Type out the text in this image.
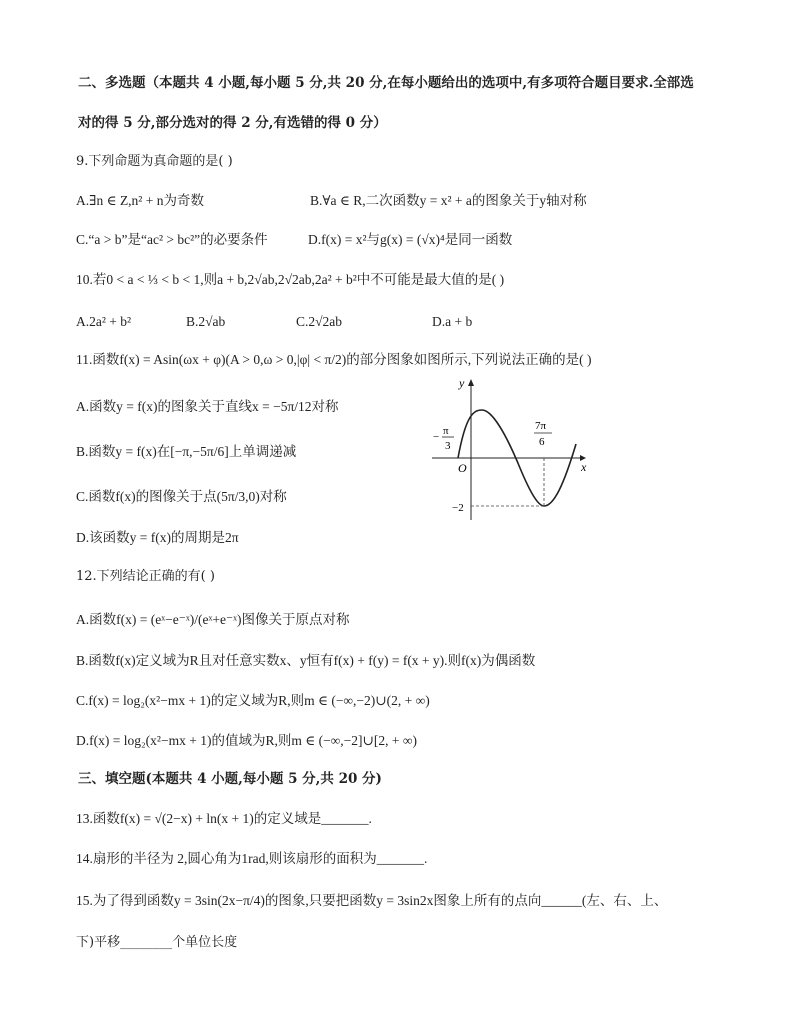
二、多选题（本题共 4 小题,每小题 5 分,共 20 分,在每小题给出的选项中,有多项符合题目要求.全部选
对的得 5 分,部分选对的得 2 分,有选错的得 0 分）
9.下列命题为真命题的是( )
A.∃n ∈ Z,n² + n为奇数	B.∀a ∈ R,二次函数y = x² + a的图象关于y轴对称
C.“a > b”是“ac² > bc²”的必要条件	D.f(x) = x²与g(x) = (√x)⁴是同一函数
10.若0 < a < ⅓ < b < 1,则a + b,2√ab,2√2ab,2a² + b²中不可能是最大值的是( )
A.2a² + b²	B.2√ab	C.2√2ab	D.a + b
11.函数f(x) = Asin(ωx + φ)(A > 0,ω > 0,|φ| < π/2)的部分图象如图所示,下列说法正确的是( )
A.函数y = f(x)的图象关于直线x = −5π/12对称
B.函数y = f(x)在[−π,−5π/6]上单调递减
C.函数f(x)的图像关于点(5π/3,0)对称
D.该函数y = f(x)的周期是2π
y
x
O
− π
3
7π
6
−2
12.下列结论正确的有( )
A.函数f(x) = (eˣ−e⁻ˣ)/(eˣ+e⁻ˣ)图像关于原点对称
B.函数f(x)定义域为R且对任意实数x、y恒有f(x) + f(y) = f(x + y).则f(x)为偶函数
C.f(x) = log₂(x²−mx + 1)的定义域为R,则m ∈ (−∞,−2)∪(2, + ∞)
D.f(x) = log₂(x²−mx + 1)的值域为R,则m ∈ (−∞,−2]∪[2, + ∞)
三、填空题(本题共 4 小题,每小题 5 分,共 20 分)
13.函数f(x) = √(2−x) + ln(x + 1)的定义域是_______.
14.扇形的半径为 2,圆心角为1rad,则该扇形的面积为_______.
15.为了得到函数y = 3sin(2x−π/4)的图象,只要把函数y = 3sin2x图象上所有的点向______(左、右、上、
下)平移________个单位长度
